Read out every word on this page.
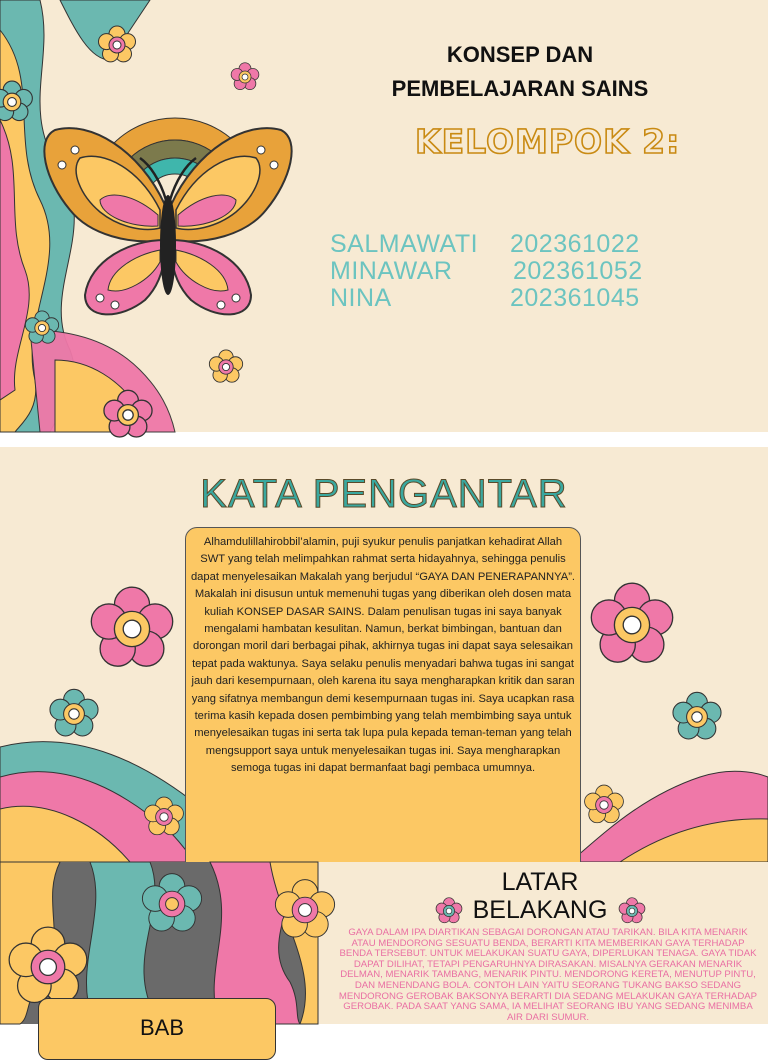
KONSEP DAN
PEMBELAJARAN SAINS
KELOMPOK 2:
SALMAWATI 202361022
MINAWAR 202361052
NINA	202361045
KATA PENGANTAR

Alhamdulillahirobbil’alamin, puji syukur penulis panjatkan kehadirat Allah SWT yang telah melimpahkan rahmat serta hidayahnya, sehingga penulis dapat menyelesaikan Makalah yang berjudul “GAYA DAN PENERAPANNYA”.

Makalah ini disusun untuk memenuhi tugas yang diberikan oleh dosen mata kuliah KONSEP DASAR SAINS. Dalam penulisan tugas ini saya banyak mengalami hambatan kesulitan. Namun, berkat bimbingan, bantuan dan dorongan moril dari berbagai pihak, akhirnya tugas ini dapat saya selesaikan tepat pada waktunya. Saya selaku penulis menyadari bahwa tugas ini sangat jauh dari kesempurnaan, oleh karena itu saya mengharapkan kritik dan saran yang sifatnya membangun demi kesempurnaan tugas ini. Saya ucapkan rasa terima kasih kepada dosen pembimbing yang telah membimbing saya untuk menyelesaikan tugas ini serta tak lupa pula kepada teman-teman yang telah mengsupport saya untuk menyelesaikan tugas ini. Saya mengharapkan semoga tugas ini dapat bermanfaat bagi pembaca umumnya.

BAB
LATAR
BELAKANG
GAYA DALAM IPA DIARTIKAN SEBAGAI DORONGAN ATAU TARIKAN. BILA KITA MENARIK ATAU MENDORONG SESUATU BENDA, BERARTI KITA MEMBERIKAN GAYA TERHADAP BENDA TERSEBUT. UNTUK MELAKUKAN SUATU GAYA, DIPERLUKAN TENAGA. GAYA TIDAK DAPAT DILIHAT, TETAPI PENGARUHNYA DIRASAKAN. MISALNYA GERAKAN MENARIK DELMAN, MENARIK TAMBANG, MENARIK PINTU. MENDORONG KERETA, MENUTUP PINTU, DAN MENENDANG BOLA. CONTOH LAIN YAITU SEORANG TUKANG BAKSO SEDANG MENDORONG GEROBAK BAKSONYA BERARTI DIA SEDANG MELAKUKAN GAYA TERHADAP GEROBAK. PADA SAAT YANG SAMA, IA MELIHAT SEORANG IBU YANG SEDANG MENIMBA AIR DARI SUMUR.
